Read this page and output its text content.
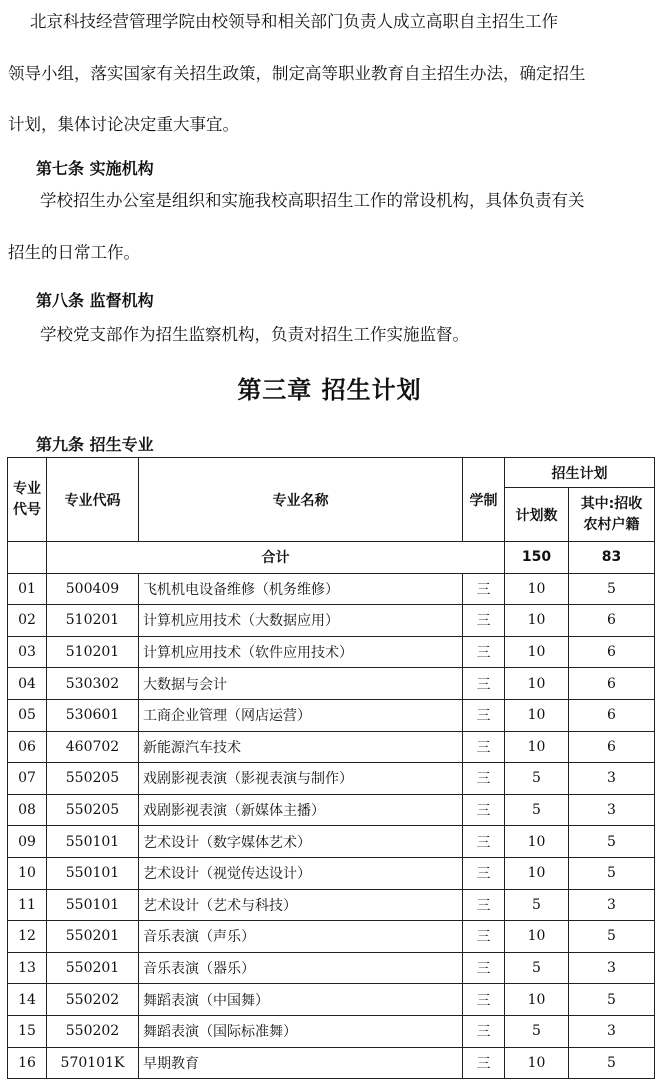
北京科技经营管理学院由校领导和相关部门负责人成立高职自主招生工作

领导小组，落实国家有关招生政策，制定高等职业教育自主招生办法，确定招生

计划，集体讨论决定重大事宜。

第七条 实施机构

学校招生办公室是组织和实施我校高职招生工作的常设机构，具体负责有关

招生的日常工作。

第八条 监督机构

学校党支部作为招生监察机构，负责对招生工作实施监督。

第三章 招生计划

第九条 招生专业

专业代号	专业代码	专业名称	学制	招生计划	
				计划数	其中:招收农村户籍

	合计			150	83
01	500409	飞机机电设备维修（机务维修）	三	10	5
02	510201	计算机应用技术（大数据应用）	三	10	6
03	510201	计算机应用技术（软件应用技术）	三	10	6
04	530302	大数据与会计	三	10	6
05	530601	工商企业管理（网店运营）	三	10	6
06	460702	新能源汽车技术	三	10	6
07	550205	戏剧影视表演（影视表演与制作）	三	5	3
08	550205	戏剧影视表演（新媒体主播）	三	5	3
09	550101	艺术设计（数字媒体艺术）	三	10	5
10	550101	艺术设计（视觉传达设计）	三	10	5
11	550101	艺术设计（艺术与科技）	三	5	3
12	550201	音乐表演（声乐）	三	10	5
13	550201	音乐表演（器乐）	三	5	3
14	550202	舞蹈表演（中国舞）	三	10	5
15	550202	舞蹈表演（国际标准舞）	三	5	3
16	570101K	早期教育	三	10	5
